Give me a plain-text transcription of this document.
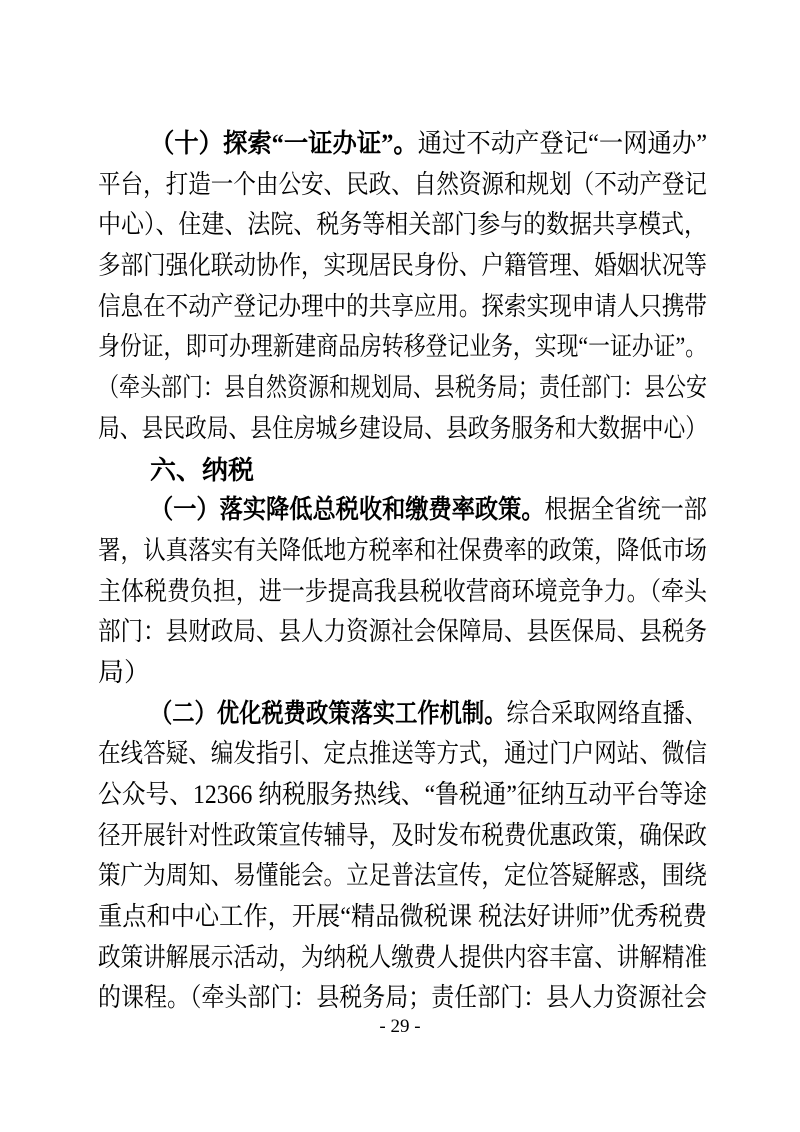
（十）探索“一证办证”。通过不动产登记“一网通办”
平台，打造一个由公安、民政、自然资源和规划（不动产登记
中心）、住建、法院、税务等相关部门参与的数据共享模式，
多部门强化联动协作，实现居民身份、户籍管理、婚姻状况等
信息在不动产登记办理中的共享应用。探索实现申请人只携带
身份证，即可办理新建商品房转移登记业务，实现“一证办证”。
（牵头部门：县自然资源和规划局、县税务局；责任部门：县公安
局、县民政局、县住房城乡建设局、县政务服务和大数据中心）
六、纳税
（一）落实降低总税收和缴费率政策。根据全省统一部
署，认真落实有关降低地方税率和社保费率的政策，降低市场
主体税费负担，进一步提高我县税收营商环境竞争力。（牵头
部门：县财政局、县人力资源社会保障局、县医保局、县税务
局）
（二）优化税费政策落实工作机制。综合采取网络直播、
在线答疑、编发指引、定点推送等方式，通过门户网站、微信
公众号、12366 纳税服务热线、“鲁税通”征纳互动平台等途
径开展针对性政策宣传辅导，及时发布税费优惠政策，确保政
策广为周知、易懂能会。立足普法宣传，定位答疑解惑，围绕
重点和中心工作，开展“精品微税课 税法好讲师”优秀税费
政策讲解展示活动，为纳税人缴费人提供内容丰富、讲解精准
的课程。（牵头部门：县税务局；责任部门：县人力资源社会
- 29 -
